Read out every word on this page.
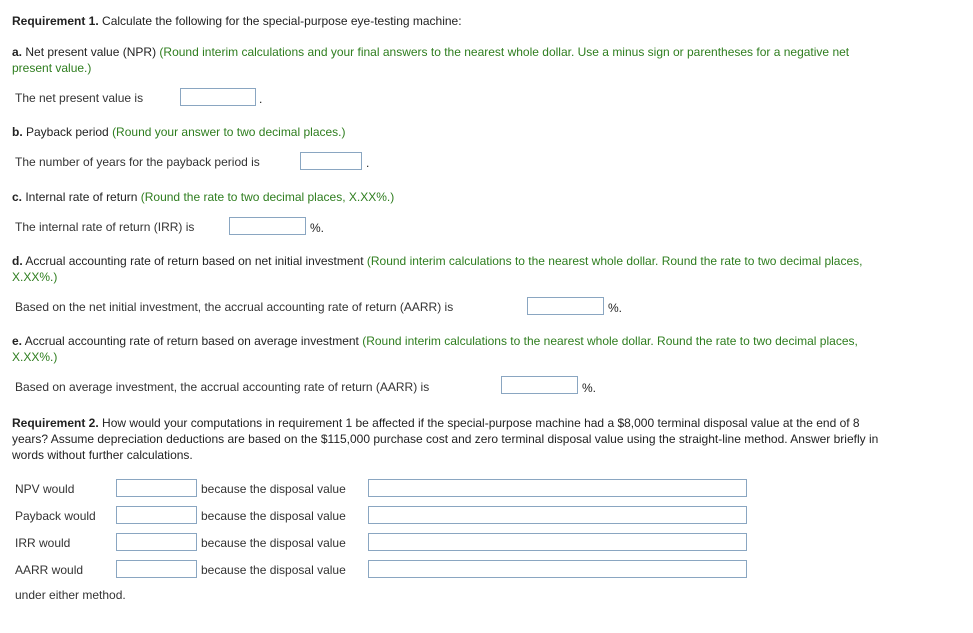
Requirement 1. Calculate the following for the special-purpose eye-testing machine:
a. Net present value (NPR) (Round interim calculations and your final answers to the nearest whole dollar. Use a minus sign or parentheses for a negative net
present value.)
The net present value is	.
b. Payback period (Round your answer to two decimal places.)
The number of years for the payback period is	.
c. Internal rate of return (Round the rate to two decimal places, X.XX%.)
The internal rate of return (IRR) is	%.
d. Accrual accounting rate of return based on net initial investment (Round interim calculations to the nearest whole dollar. Round the rate to two decimal places,
X.XX%.)
Based on the net initial investment, the accrual accounting rate of return (AARR) is	%.
e. Accrual accounting rate of return based on average investment (Round interim calculations to the nearest whole dollar. Round the rate to two decimal places,
X.XX%.)
Based on average investment, the accrual accounting rate of return (AARR) is	%.
Requirement 2. How would your computations in requirement 1 be affected if the special-purpose machine had a $8,000 terminal disposal value at the end of 8
years? Assume depreciation deductions are based on the $115,000 purchase cost and zero terminal disposal value using the straight-line method. Answer briefly in
words without further calculations.
NPV would	because the disposal value
Payback would	because the disposal value
IRR would	because the disposal value
AARR would	because the disposal value
under either method.
